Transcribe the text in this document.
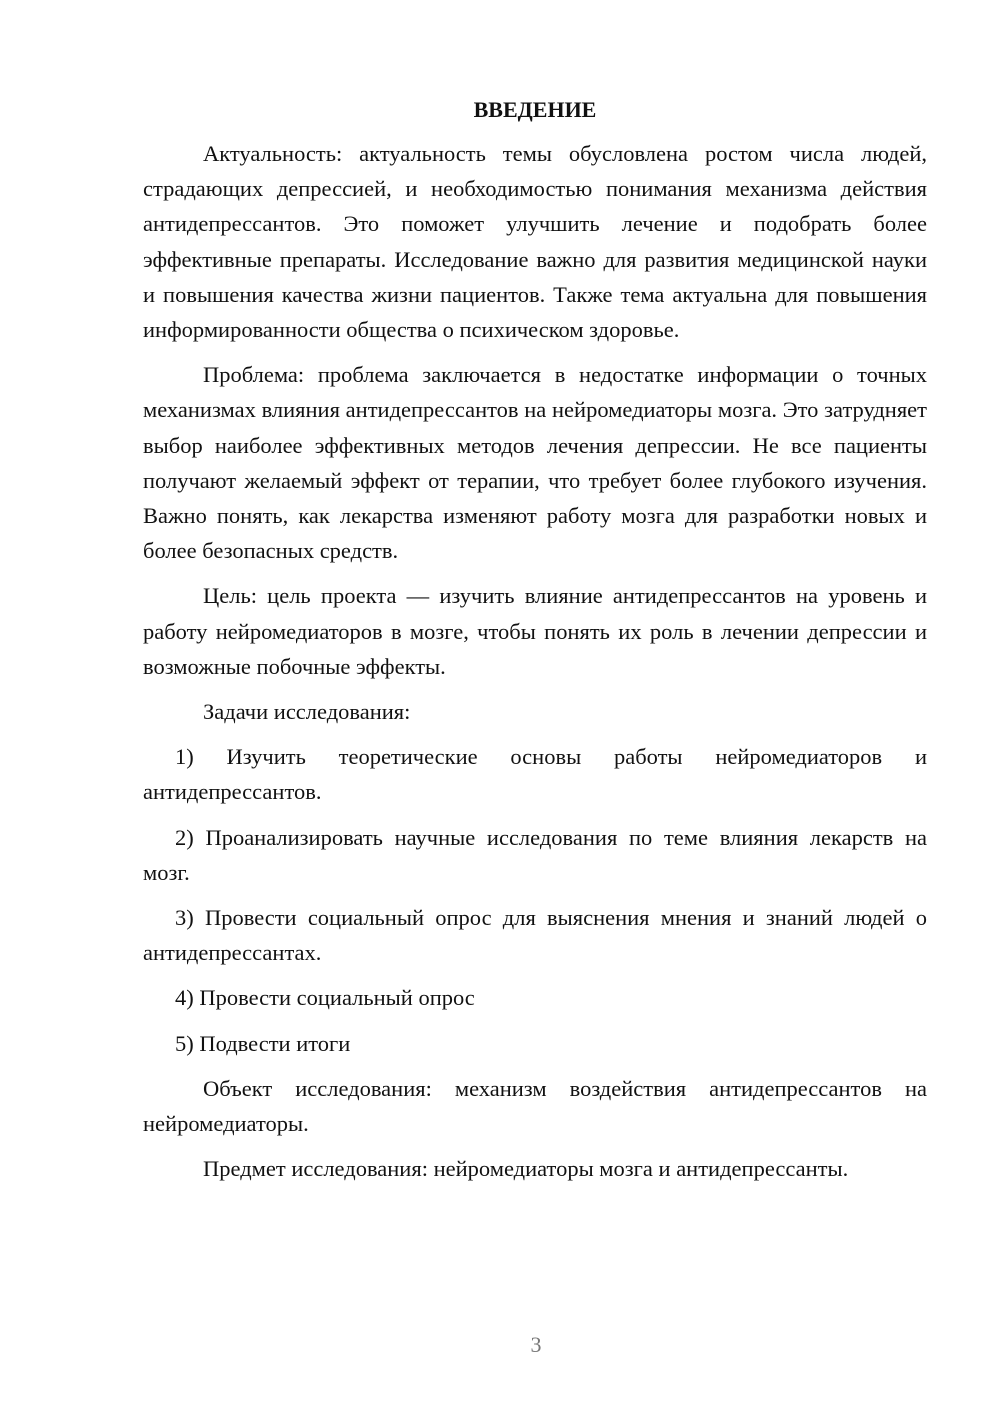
ВВЕДЕНИЕ

Актуальность: актуальность темы обусловлена ростом числа людей, страдающих депрессией, и необходимостью понимания механизма действия антидепрессантов. Это поможет улучшить лечение и подобрать более эффективные препараты. Исследование важно для развития медицинской науки и повышения качества жизни пациентов. Также тема актуальна для повышения информированности общества о психическом здоровье.

Проблема: проблема заключается в недостатке информации о точных механизмах влияния антидепрессантов на нейромедиаторы мозга. Это затрудняет выбор наиболее эффективных методов лечения депрессии. Не все пациенты получают желаемый эффект от терапии, что требует более глубокого изучения. Важно понять, как лекарства изменяют работу мозга для разработки новых и более безопасных средств.

Цель: цель проекта — изучить влияние антидепрессантов на уровень и работу нейромедиаторов в мозге, чтобы понять их роль в лечении депрессии и возможные побочные эффекты.

Задачи исследования:

1) Изучить теоретические основы работы нейромедиаторов и антидепрессантов.

2) Проанализировать научные исследования по теме влияния лекарств на мозг.

3) Провести социальный опрос для выяснения мнения и знаний людей о антидепрессантах.

4) Провести социальный опрос

5) Подвести итоги

Объект исследования: механизм воздействия антидепрессантов на нейромедиаторы.

Предмет исследования: нейромедиаторы мозга и антидепрессанты.

3
